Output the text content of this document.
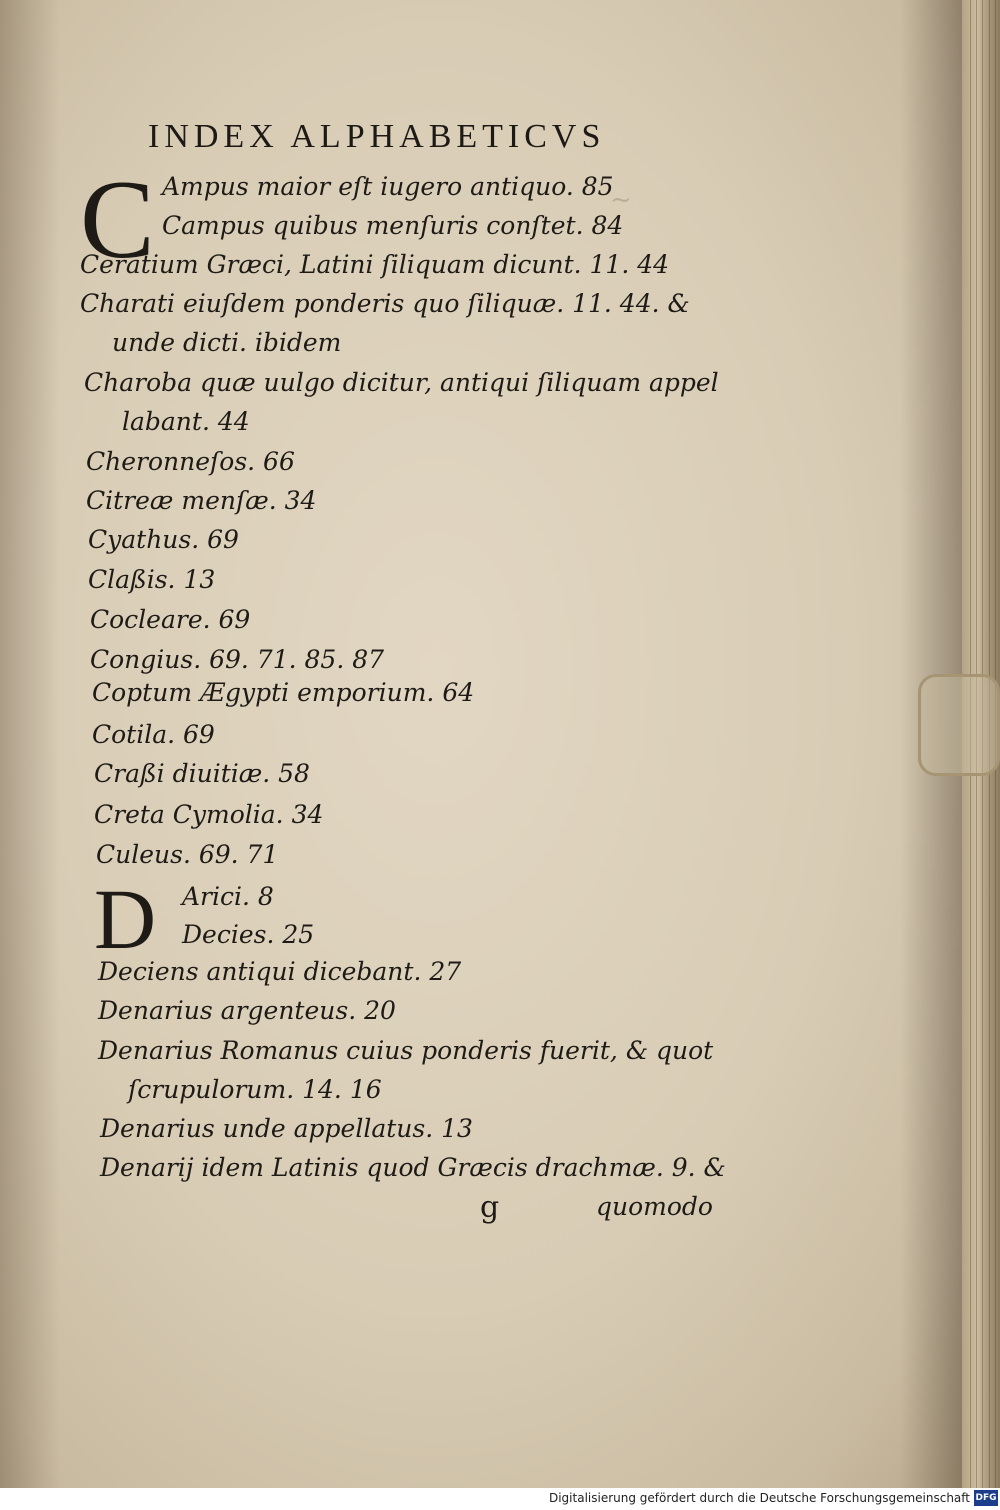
~
INDEX ALPHABETICVS
C Ampus maior eſt iugero antiquo. 85
Campus quibus menſuris conſtet. 84
Ceratium Græci, Latini ſiliquam dicunt. 11. 44
Charati eiuſdem ponderis quo ſiliquæ. 11. 44. &
unde dicti. ibidem
Charoba quæ uulgo dicitur, antiqui ſiliquam appel
labant. 44
Cheronneſos. 66
Citreæ menſæ. 34
Cyathus. 69
Claßis. 13
Cocleare. 69
Congius. 69. 71. 85. 87
Coptum Ægypti emporium. 64
Cotila. 69
Craßi diuitiæ. 58
Creta Cymolia. 34
Culeus. 69. 71
D Arici. 8
Decies. 25
Deciens antiqui dicebant. 27
Denarius argenteus. 20
Denarius Romanus cuius ponderis fuerit, & quot
ſcrupulorum. 14. 16
Denarius unde appellatus. 13
Denarij idem Latinis quod Græcis drachmæ. 9. &
g	quomodo
Digitalisierung gefördert durch die Deutsche Forschungsgemeinschaft DFG
